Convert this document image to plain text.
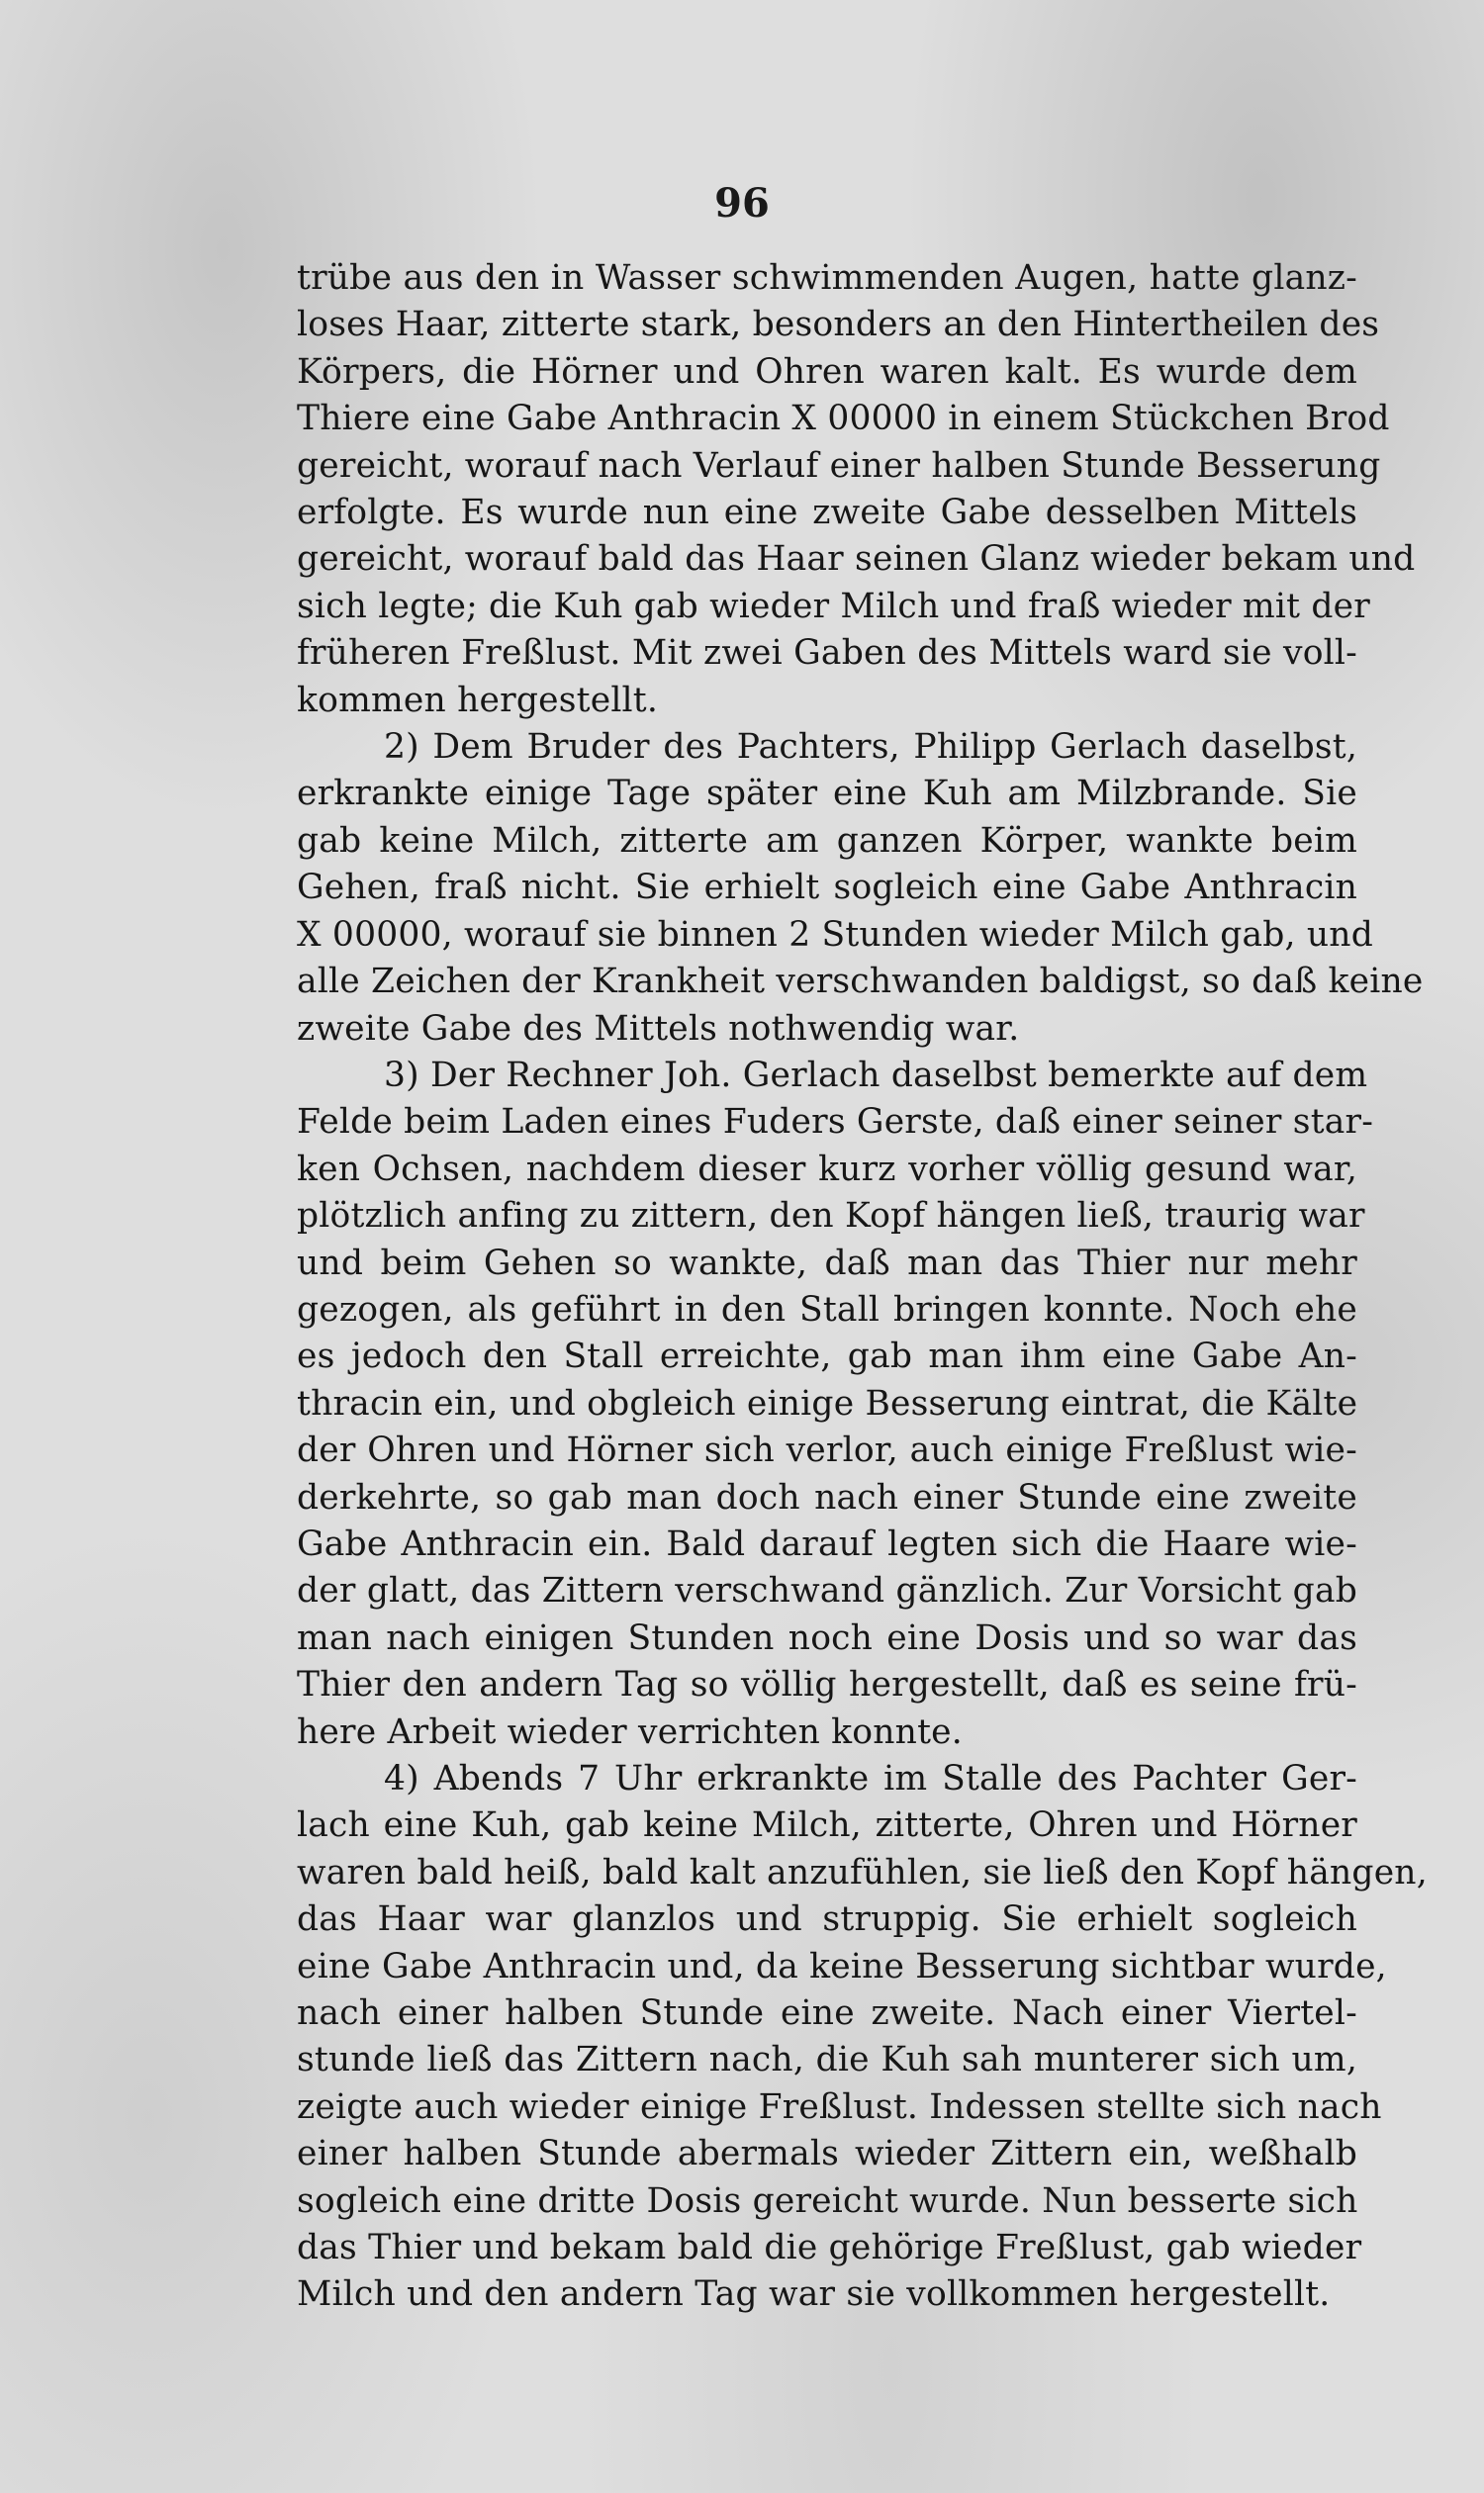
96
trübe aus den in Wasser schwimmenden Augen, hatte glanz-
loses Haar, zitterte stark, besonders an den Hintertheilen des
Körpers, die Hörner und Ohren waren kalt. Es wurde dem
Thiere eine Gabe Anthracin X 00000 in einem Stückchen Brod
gereicht, worauf nach Verlauf einer halben Stunde Besserung
erfolgte. Es wurde nun eine zweite Gabe desselben Mittels
gereicht, worauf bald das Haar seinen Glanz wieder bekam und
sich legte; die Kuh gab wieder Milch und fraß wieder mit der
früheren Freßlust. Mit zwei Gaben des Mittels ward sie voll-
kommen hergestellt.
2) Dem Bruder des Pachters, Philipp Gerlach daselbst,
erkrankte einige Tage später eine Kuh am Milzbrande. Sie
gab keine Milch, zitterte am ganzen Körper, wankte beim
Gehen, fraß nicht. Sie erhielt sogleich eine Gabe Anthracin
X 00000, worauf sie binnen 2 Stunden wieder Milch gab, und
alle Zeichen der Krankheit verschwanden baldigst, so daß keine
zweite Gabe des Mittels nothwendig war.
3) Der Rechner Joh. Gerlach daselbst bemerkte auf dem
Felde beim Laden eines Fuders Gerste, daß einer seiner star-
ken Ochsen, nachdem dieser kurz vorher völlig gesund war,
plötzlich anfing zu zittern, den Kopf hängen ließ, traurig war
und beim Gehen so wankte, daß man das Thier nur mehr
gezogen, als geführt in den Stall bringen konnte. Noch ehe
es jedoch den Stall erreichte, gab man ihm eine Gabe An-
thracin ein, und obgleich einige Besserung eintrat, die Kälte
der Ohren und Hörner sich verlor, auch einige Freßlust wie-
derkehrte, so gab man doch nach einer Stunde eine zweite
Gabe Anthracin ein. Bald darauf legten sich die Haare wie-
der glatt, das Zittern verschwand gänzlich. Zur Vorsicht gab
man nach einigen Stunden noch eine Dosis und so war das
Thier den andern Tag so völlig hergestellt, daß es seine frü-
here Arbeit wieder verrichten konnte.
4) Abends 7 Uhr erkrankte im Stalle des Pachter Ger-
lach eine Kuh, gab keine Milch, zitterte, Ohren und Hörner
waren bald heiß, bald kalt anzufühlen, sie ließ den Kopf hängen,
das Haar war glanzlos und struppig. Sie erhielt sogleich
eine Gabe Anthracin und, da keine Besserung sichtbar wurde,
nach einer halben Stunde eine zweite. Nach einer Viertel-
stunde ließ das Zittern nach, die Kuh sah munterer sich um,
zeigte auch wieder einige Freßlust. Indessen stellte sich nach
einer halben Stunde abermals wieder Zittern ein, weßhalb
sogleich eine dritte Dosis gereicht wurde. Nun besserte sich
das Thier und bekam bald die gehörige Freßlust, gab wieder
Milch und den andern Tag war sie vollkommen hergestellt.
